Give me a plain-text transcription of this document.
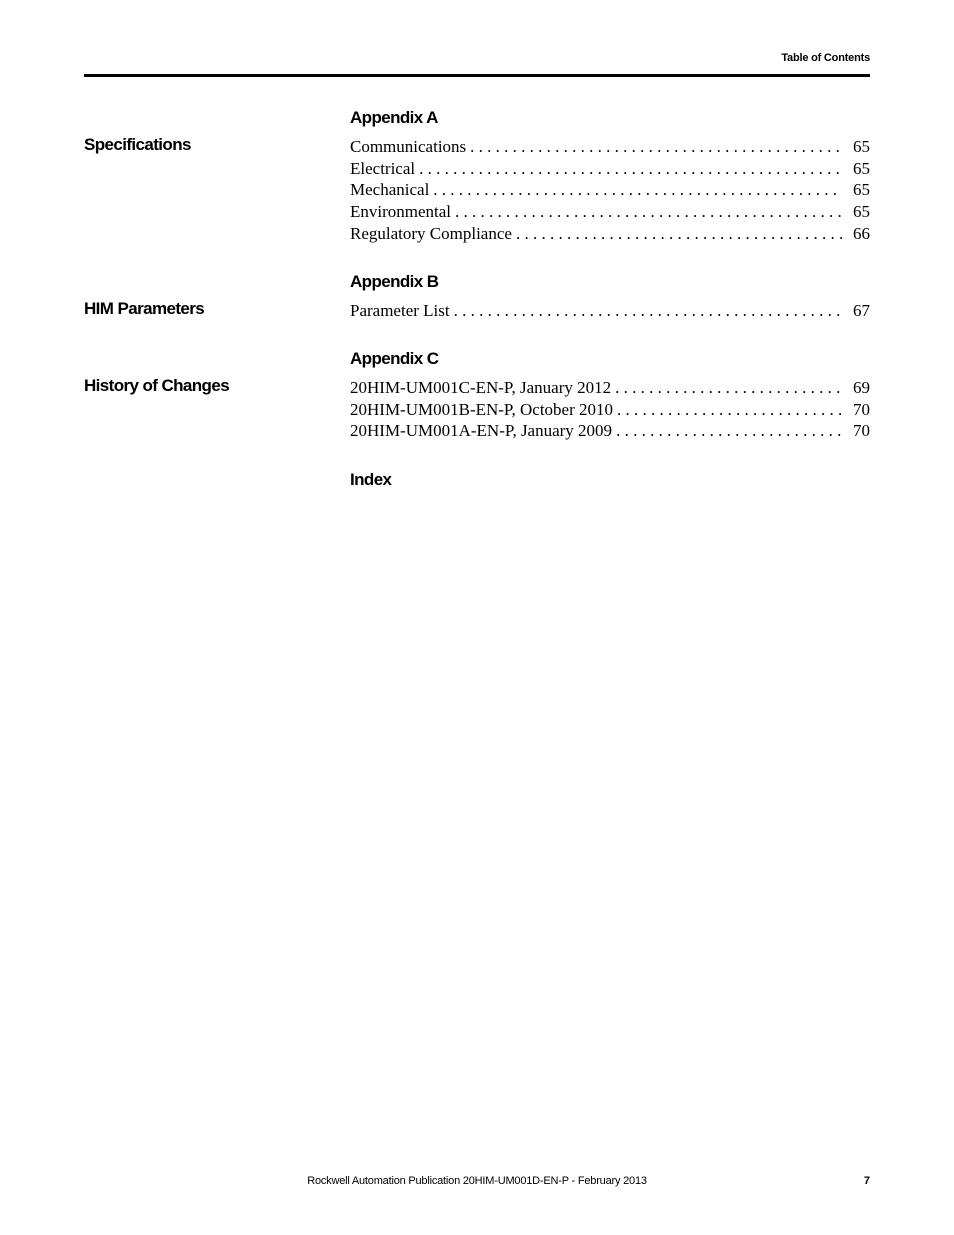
Table of Contents
Appendix A
Specifications	Communications . . .	65
Electrical . . .	65
Mechanical . . .	65
Environmental . . .	65
Regulatory Compliance . . .	66
Appendix B
HIM Parameters	Parameter List . . .	67
Appendix C
History of Changes	20HIM-UM001C-EN-P, January 2012 . . .	69
20HIM-UM001B-EN-P, October 2010 . . .	70
20HIM-UM001A-EN-P, January 2009 . . .	70
Index
Rockwell Automation Publication 20HIM-UM001D-EN-P - February 2013	7
